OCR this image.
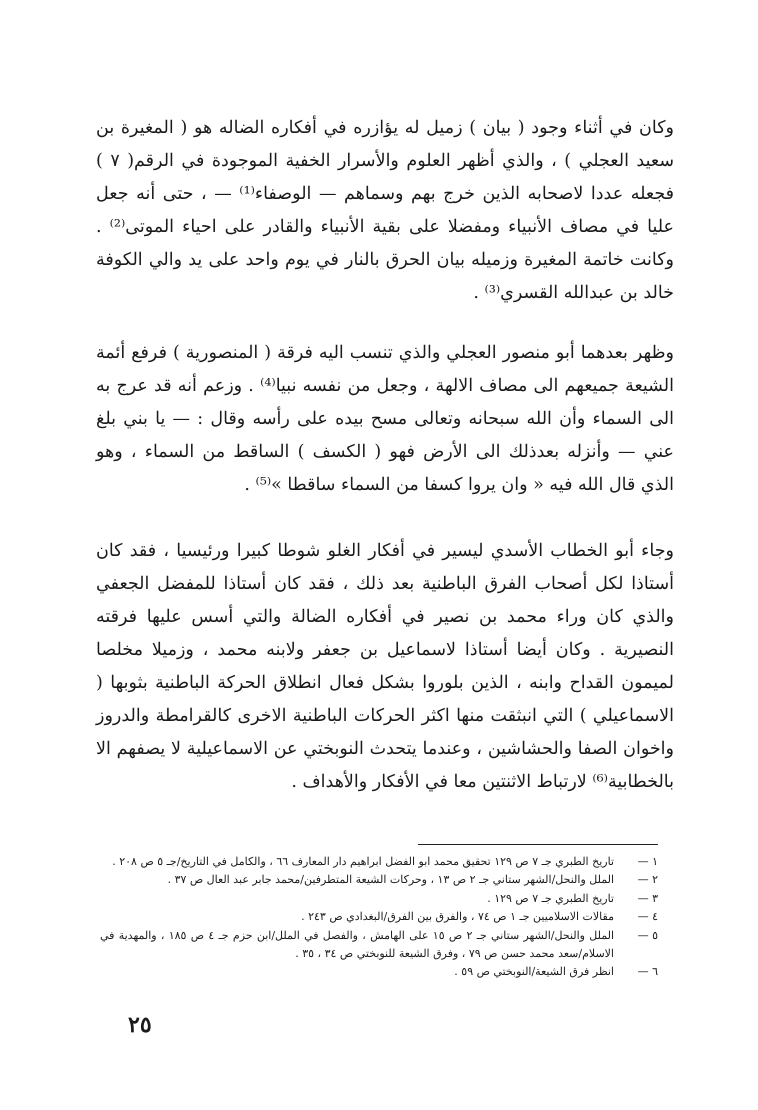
وكان في أثناء وجود ( بيان ) زميل له يؤازره في أفكاره الضاله هو ( المغيرة بن سعيد العجلي ) ، والذي أظهر العلوم والأسرار الخفية الموجودة في الرقم( ٧ ) فجعله عددا لاصحابه الذين خرج بهم وسماهم — الوصفاء⁽¹⁾ — ، حتى أنه جعل عليا في مصاف الأنبياء ومفضلا على بقية الأنبياء والقادر على احياء الموتى⁽²⁾ . وكانت خاتمة المغيرة وزميله بيان الحرق بالنار في يوم واحد على يد والي الكوفة خالد بن عبدالله القسري⁽³⁾ .

وظهر بعدهما أبو منصور العجلي والذي تنسب اليه فرقة ( المنصورية ) فرفع أئمة الشيعة جميعهم الى مصاف الالهة ، وجعل من نفسه نبيا⁽⁴⁾ . وزعم أنه قد عرج به الى السماء وأن الله سبحانه وتعالى مسح بيده على رأسه وقال : — يا بني بلغ عني — وأنزله بعدذلك الى الأرض فهو ( الكسف ) الساقط من السماء ، وهو الذي قال الله فيه « وان يروا كسفا من السماء ساقطا »⁽⁵⁾ .

وجاء أبو الخطاب الأسدي ليسير في أفكار الغلو شوطا كبيرا ورئيسيا ، فقد كان أستاذا لكل أصحاب الفرق الباطنية بعد ذلك ، فقد كان أستاذا للمفضل الجعفي والذي كان وراء محمد بن نصير في أفكاره الضالة والتي أسس عليها فرقته النصيرية . وكان أيضا أستاذا لاسماعيل بن جعفر ولابنه محمد ، وزميلا مخلصا لميمون القداح وابنه ، الذين بلوروا بشكل فعال انطلاق الحركة الباطنية بثوبها ( الاسماعيلي ) التي انبثقت منها اكثر الحركات الباطنية الاخرى كالقرامطة والدروز واخوان الصفا والحشاشين ، وعندما يتحدث النوبختي عن الاسماعيلية لا يصفهم الا بالخطابية⁽⁶⁾ لارتباط الاثنتين معا في الأفكار والأهداف .

١ —
تاريخ الطبري جـ ٧ ص ١٢٩ تحقيق محمد ابو الفضل ابراهيم دار المعارف ٦٦ ، والكامل في التاريخ/جـ ٥ ص ٢٠٨ .
٢ —
الملل والنحل/الشهر ستاني جـ ٢ ص ١٣ ، وحركات الشيعة المتطرفين/محمد جابر عبد العال ص ٣٧ .
٣ —
تاريخ الطبري جـ ٧ ص ١٢٩ .
٤ —
مقالات الاسلاميين جـ ١ ص ٧٤ ، والفرق بين الفرق/البغدادي ص ٢٤٣ .
٥ —
الملل والنحل/الشهر ستاني جـ ٢ ص ١٥ على الهامش ، والفصل في الملل/ابن حزم جـ ٤ ص ١٨٥ ، والمهدية في الاسلام/سعد محمد حسن ص ٧٩ ، وفرق الشيعة للنوبختي ص ٣٤ ، ٣٥ .
٦ —
انظر فرق الشيعة/النوبختي ص ٥٩ .
٢٥
